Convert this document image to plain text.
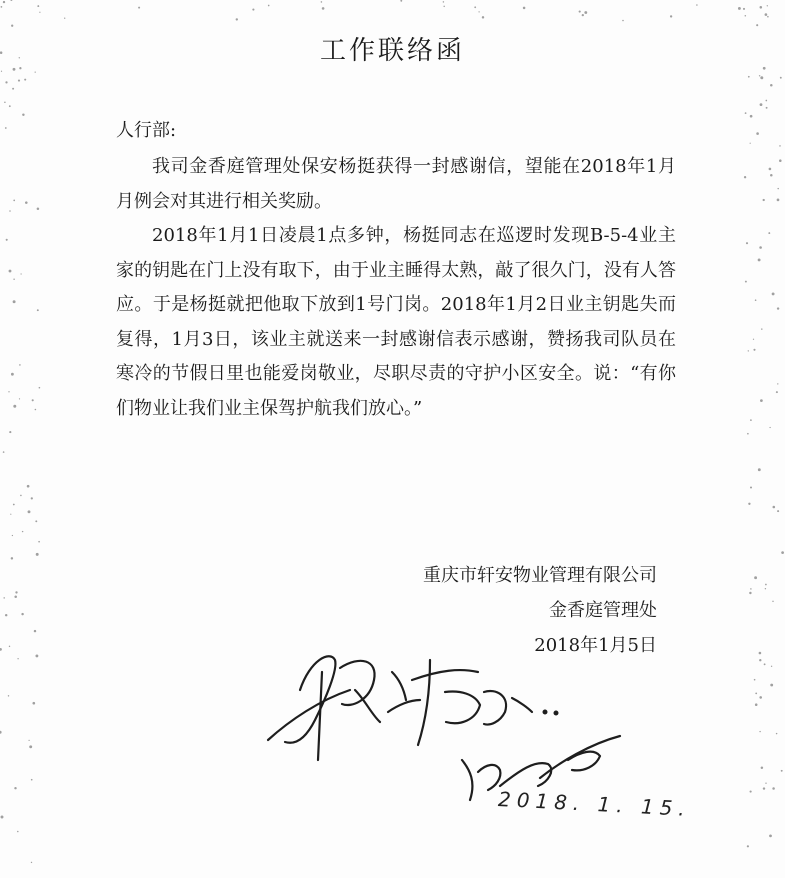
工作联络函
人行部:

我司金香庭管理处保安杨挺获得一封感谢信，望能在2018年1月月例会对其进行相关奖励。

2018年1月1日凌晨1点多钟，杨挺同志在巡逻时发现B-5-4业主家的钥匙在门上没有取下，由于业主睡得太熟，敲了很久门，没有人答应。于是杨挺就把他取下放到1号门岗。2018年1月2日业主钥匙失而复得，1月3日，该业主就送来一封感谢信表示感谢，赞扬我司队员在寒冷的节假日里也能爱岗敬业，尽职尽责的守护小区安全。说：“有你们物业让我们业主保驾护航我们放心。”

重庆市轩安物业管理有限公司
金香庭管理处
2018年1月5日
2018. 1. 15.
